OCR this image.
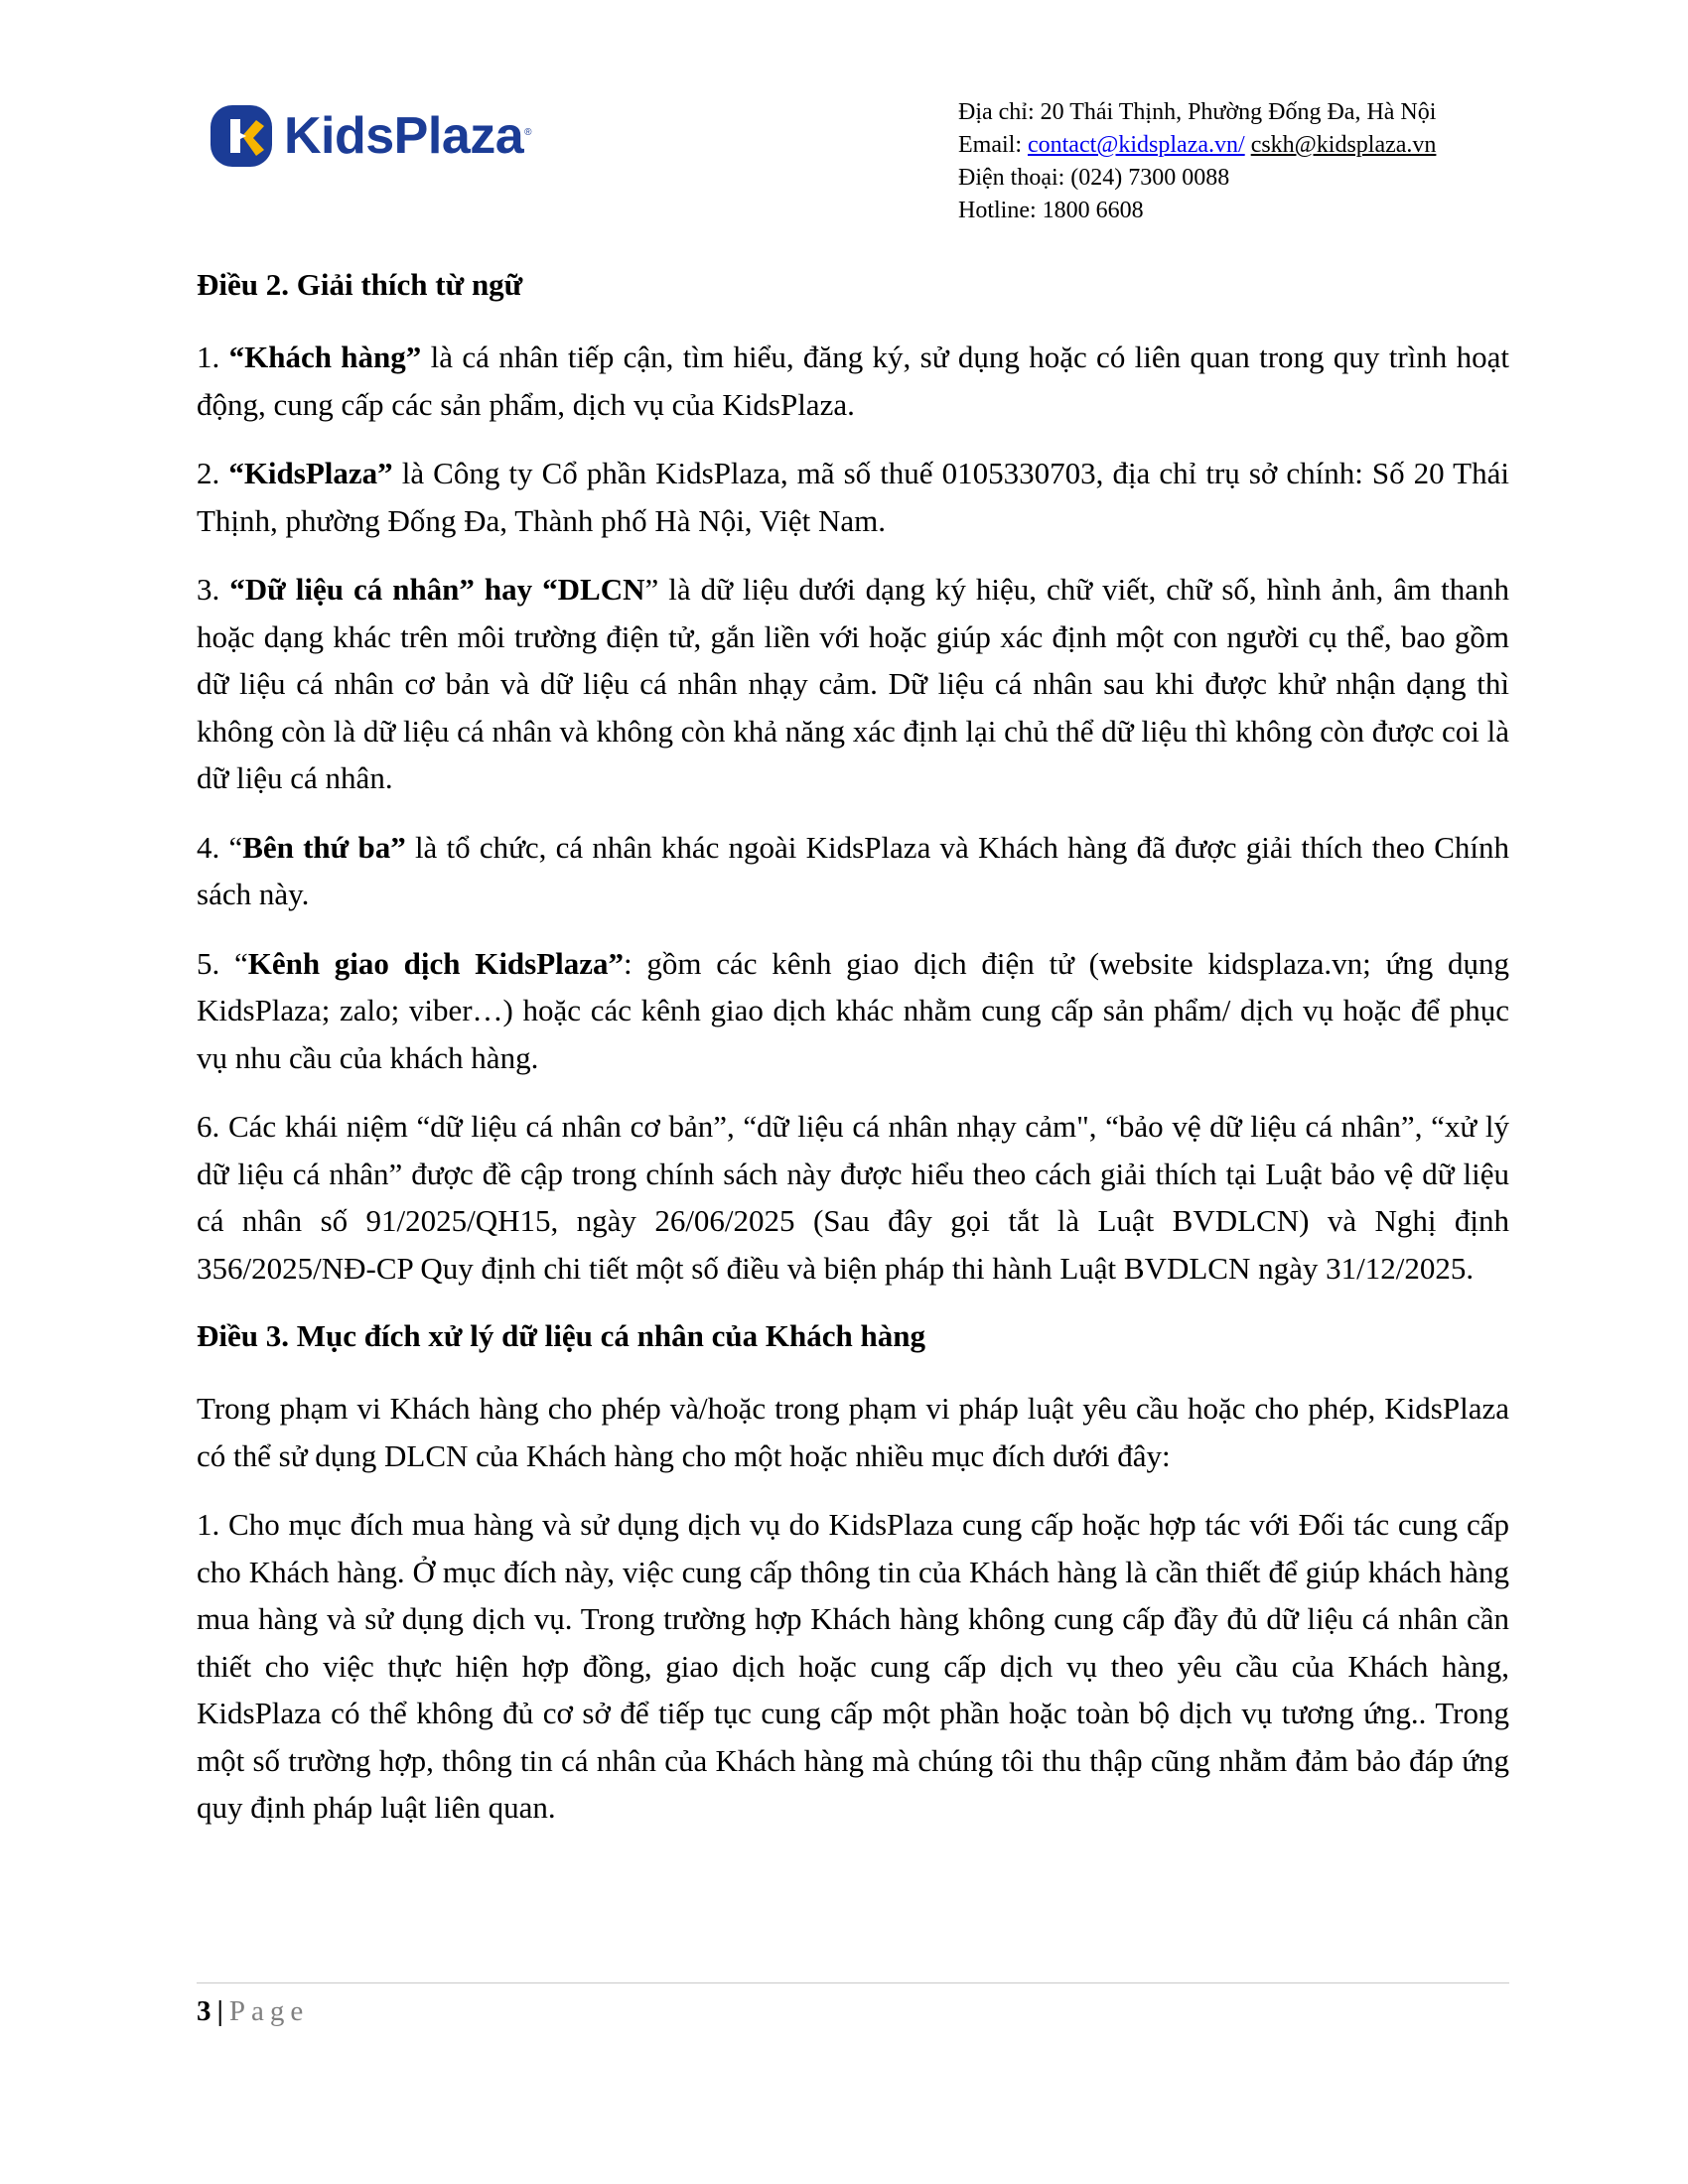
KidsPlaza®
Địa chỉ: 20 Thái Thịnh, Phường Đống Đa, Hà Nội
Email: contact@kidsplaza.vn/ cskh@kidsplaza.vn
Điện thoại: (024) 7300 0088
Hotline: 1800 6608
Điều 2. Giải thích từ ngữ

1. “Khách hàng” là cá nhân tiếp cận, tìm hiểu, đăng ký, sử dụng hoặc có liên quan trong quy trình hoạt động, cung cấp các sản phẩm, dịch vụ của KidsPlaza.

2. “KidsPlaza” là Công ty Cổ phần KidsPlaza, mã số thuế 0105330703, địa chỉ trụ sở chính: Số 20 Thái Thịnh, phường Đống Đa, Thành phố Hà Nội, Việt Nam.

3. “Dữ liệu cá nhân” hay “DLCN” là dữ liệu dưới dạng ký hiệu, chữ viết, chữ số, hình ảnh, âm thanh hoặc dạng khác trên môi trường điện tử, gắn liền với hoặc giúp xác định một con người cụ thể, bao gồm dữ liệu cá nhân cơ bản và dữ liệu cá nhân nhạy cảm. Dữ liệu cá nhân sau khi được khử nhận dạng thì không còn là dữ liệu cá nhân và không còn khả năng xác định lại chủ thể dữ liệu thì không còn được coi là dữ liệu cá nhân.

4. “Bên thứ ba” là tổ chức, cá nhân khác ngoài KidsPlaza và Khách hàng đã được giải thích theo Chính sách này.

5. “Kênh giao dịch KidsPlaza”: gồm các kênh giao dịch điện tử (website kidsplaza.vn; ứng dụng KidsPlaza; zalo; viber…) hoặc các kênh giao dịch khác nhằm cung cấp sản phẩm/ dịch vụ hoặc để phục vụ nhu cầu của khách hàng.

6. Các khái niệm “dữ liệu cá nhân cơ bản”, “dữ liệu cá nhân nhạy cảm", “bảo vệ dữ liệu cá nhân”, “xử lý dữ liệu cá nhân” được đề cập trong chính sách này được hiểu theo cách giải thích tại Luật bảo vệ dữ liệu cá nhân số 91/2025/QH15, ngày 26/06/2025 (Sau đây gọi tắt là Luật BVDLCN) và Nghị định 356/2025/NĐ-CP Quy định chi tiết một số điều và biện pháp thi hành Luật BVDLCN ngày 31/12/2025.

Điều 3. Mục đích xử lý dữ liệu cá nhân của Khách hàng

Trong phạm vi Khách hàng cho phép và/hoặc trong phạm vi pháp luật yêu cầu hoặc cho phép, KidsPlaza có thể sử dụng DLCN của Khách hàng cho một hoặc nhiều mục đích dưới đây:

1. Cho mục đích mua hàng và sử dụng dịch vụ do KidsPlaza cung cấp hoặc hợp tác với Đối tác cung cấp cho Khách hàng. Ở mục đích này, việc cung cấp thông tin của Khách hàng là cần thiết để giúp khách hàng mua hàng và sử dụng dịch vụ. Trong trường hợp Khách hàng không cung cấp đầy đủ dữ liệu cá nhân cần thiết cho việc thực hiện hợp đồng, giao dịch hoặc cung cấp dịch vụ theo yêu cầu của Khách hàng, KidsPlaza có thể không đủ cơ sở để tiếp tục cung cấp một phần hoặc toàn bộ dịch vụ tương ứng.. Trong một số trường hợp, thông tin cá nhân của Khách hàng mà chúng tôi thu thập cũng nhằm đảm bảo đáp ứng quy định pháp luật liên quan.

3 | Page
